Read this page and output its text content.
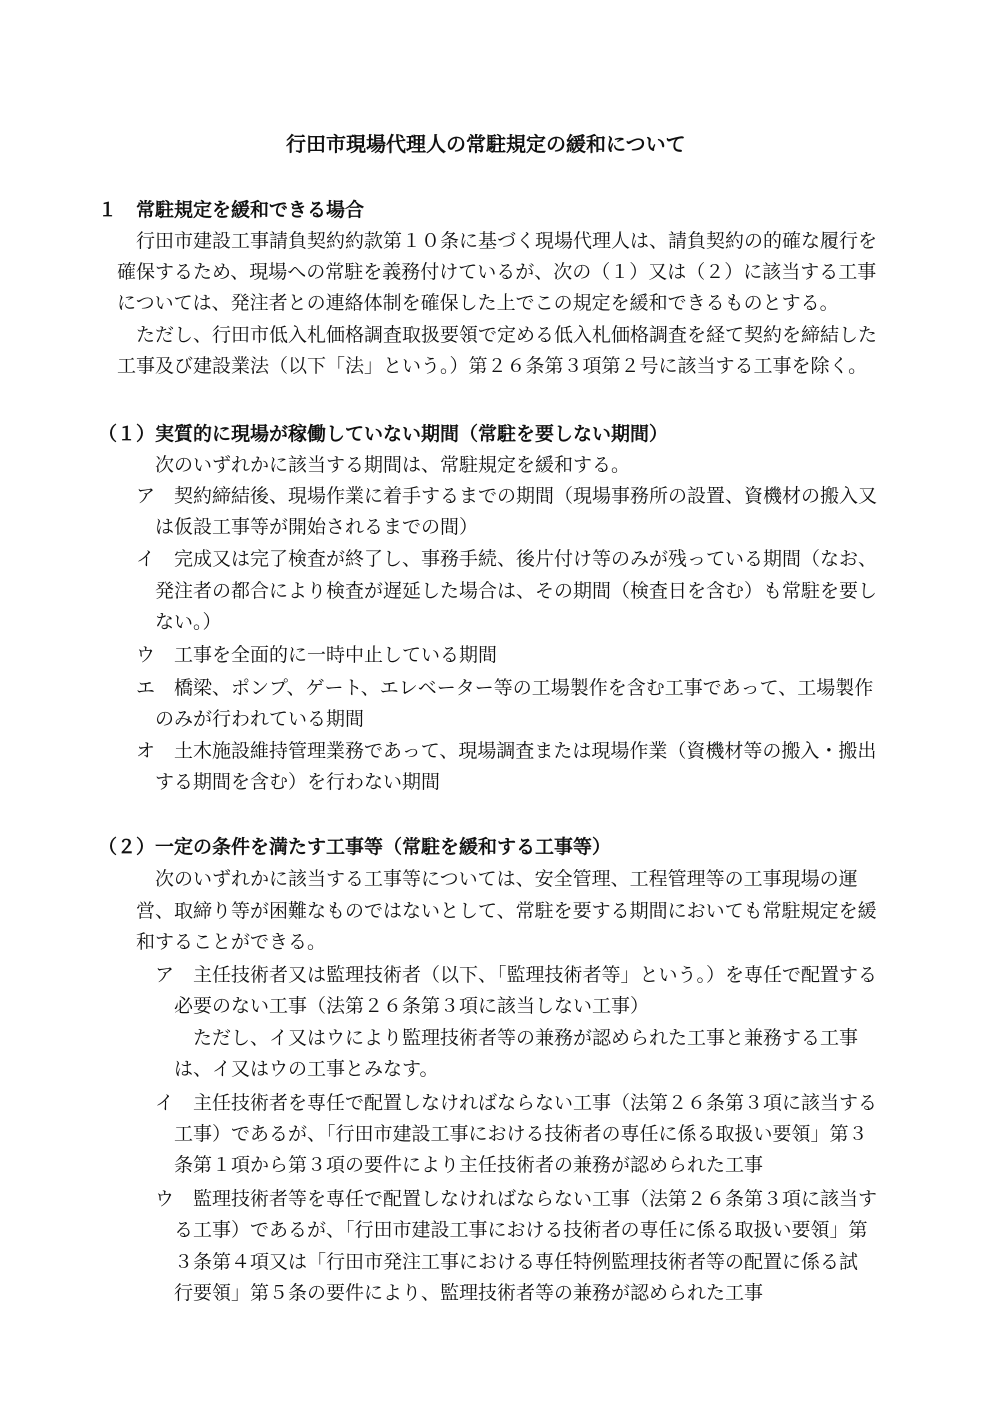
行田市現場代理人の常駐規定の緩和について
１　常駐規定を緩和できる場合
行田市建設工事請負契約約款第１０条に基づく現場代理人は、請負契約の的確な履行を
確保するため、現場への常駐を義務付けているが、次の（１）又は（２）に該当する工事
については、発注者との連絡体制を確保した上でこの規定を緩和できるものとする。
ただし、行田市低入札価格調査取扱要領で定める低入札価格調査を経て契約を締結した
工事及び建設業法（以下「法」という。）第２６条第３項第２号に該当する工事を除く。
（１）実質的に現場が稼働していない期間（常駐を要しない期間）
次のいずれかに該当する期間は、常駐規定を緩和する。
ア 契約締結後、現場作業に着手するまでの期間（現場事務所の設置、資機材の搬入又
は仮設工事等が開始されるまでの間）
イ 完成又は完了検査が終了し、事務手続、後片付け等のみが残っている期間（なお、
発注者の都合により検査が遅延した場合は、その期間（検査日を含む）も常駐を要し
ない。）
ウ 工事を全面的に一時中止している期間
エ 橋梁、ポンプ、ゲート、エレベーター等の工場製作を含む工事であって、工場製作
のみが行われている期間
オ 土木施設維持管理業務であって、現場調査または現場作業（資機材等の搬入・搬出
する期間を含む）を行わない期間
（２）一定の条件を満たす工事等（常駐を緩和する工事等）
次のいずれかに該当する工事等については、安全管理、工程管理等の工事現場の運
営、取締り等が困難なものではないとして、常駐を要する期間においても常駐規定を緩
和することができる。
ア 主任技術者又は監理技術者（以下、「監理技術者等」という。）を専任で配置する
必要のない工事（法第２６条第３項に該当しない工事）
ただし、イ又はウにより監理技術者等の兼務が認められた工事と兼務する工事
は、イ又はウの工事とみなす。
イ 主任技術者を専任で配置しなければならない工事（法第２６条第３項に該当する
工事）であるが、「行田市建設工事における技術者の専任に係る取扱い要領」第３
条第１項から第３項の要件により主任技術者の兼務が認められた工事
ウ 監理技術者等を専任で配置しなければならない工事（法第２６条第３項に該当す
る工事）であるが、「行田市建設工事における技術者の専任に係る取扱い要領」第
３条第４項又は「行田市発注工事における専任特例監理技術者等の配置に係る試
行要領」第５条の要件により、監理技術者等の兼務が認められた工事
